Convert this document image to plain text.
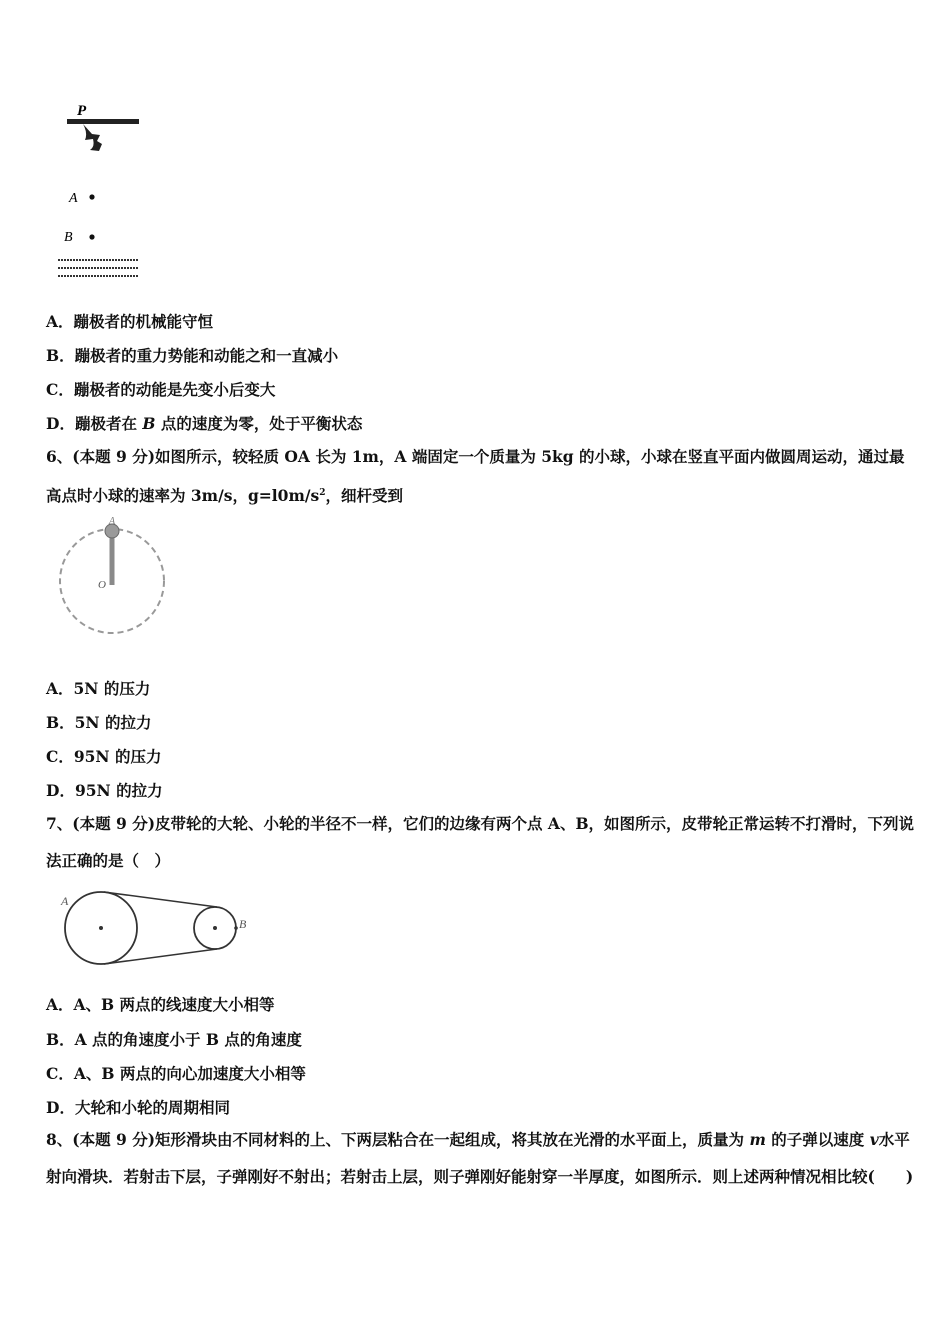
P
A
B
A．蹦极者的机械能守恒
B．蹦极者的重力势能和动能之和一直减小
C．蹦极者的动能是先变小后变大
D．蹦极者在 B 点的速度为零，处于平衡状态
6、(本题 9 分)如图所示，较轻质 OA 长为 1m，A 端固定一个质量为 5kg 的小球，小球在竖直平面内做圆周运动，通过最高点时小球的速率为 3m/s，$g=l0m/s^2$，细杆受到
A
O
A．5N 的压力
B．5N 的拉力
C．95N 的压力
D．95N 的拉力
7、(本题 9 分)皮带轮的大轮、小轮的半径不一样，它们的边缘有两个点 A、B，如图所示，皮带轮正常运转不打滑时，下列说法正确的是（　）
A
B
A．A、B 两点的线速度大小相等
B．A 点的角速度小于 B 点的角速度
C．A、B 两点的向心加速度大小相等
D．大轮和小轮的周期相同
8、(本题 9 分)矩形滑块由不同材料的上、下两层粘合在一起组成，将其放在光滑的水平面上，质量为 m 的子弹以速度 v水平射向滑块．若射击下层，子弹刚好不射出；若射击上层，则子弹刚好能射穿一半厚度，如图所示．则上述两种情况相比较(　　)
